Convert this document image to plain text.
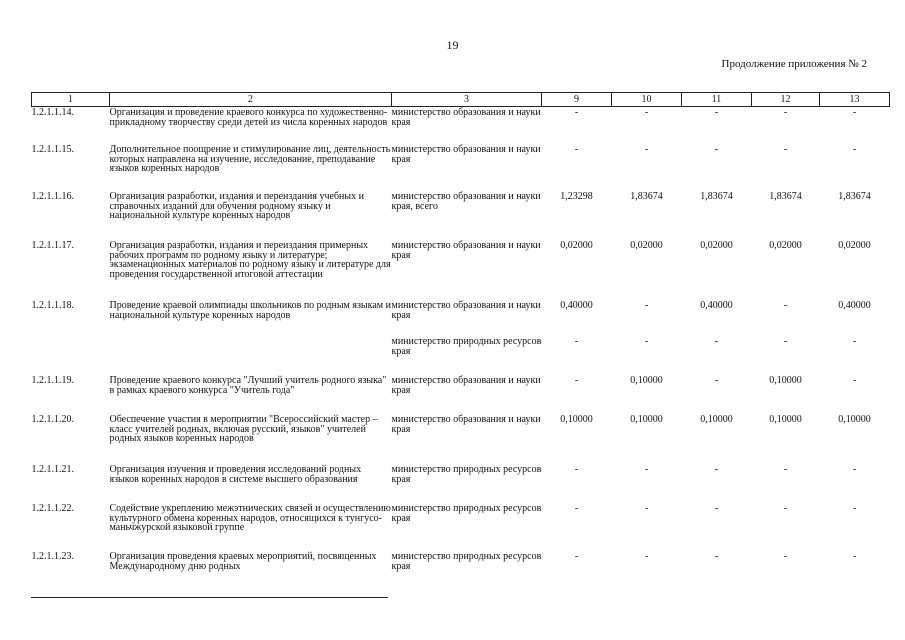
19
Продолжение приложения № 2
1	2	3	9	10	11	12	13
1.2.1.1.14.	Организация и проведение краевого конкурса по художественно-прикладному творчеству среди детей из числа коренных народов	министерство образования и науки края	-	-	-	-	-
1.2.1.1.15.	Дополнительное поощрение и стимулирование лиц, деятельность которых направлена на изучение, исследование, преподавание языков коренных народов	министерство образования и науки края	-	-	-	-	-
1.2.1.1.16.	Организация разработки, издания и переиздания учебных и справочных изданий для обучения родному языку и национальной культуре коренных народов	министерство образования и науки края, всего	1,23298	1,83674	1,83674	1,83674	1,83674
1.2.1.1.17.	Организация разработки, издания и переиздания примерных рабочих программ по родному языку и литературе; экзаменационных материалов по родному языку и литературе для проведения государственной итоговой аттестации	министерство образования и науки края	0,02000	0,02000	0,02000	0,02000	0,02000
1.2.1.1.18.	Проведение краевой олимпиады школьников по родным языкам и национальной культуре коренных народов	министерство образования и науки края	0,40000	-	0,40000	-	0,40000
		министерство природных ресурсов края	-	-	-	-	-
1.2.1.1.19.	Проведение краевого конкурса "Лучший учитель родного языка" в рамках краевого конкурса "Учитель года"	министерство образования и науки края	-	0,10000	-	0,10000	-
1.2.1.1.20.	Обеспечение участия в мероприятии "Всероссийский мастер – класс учителей родных, включая русский, языков" учителей родных языков коренных народов	министерство образования и науки края	0,10000	0,10000	0,10000	0,10000	0,10000
1.2.1.1.21.	Организация изучения и проведения исследований родных языков коренных народов в системе высшего образования	министерство природных ресурсов края	-	-	-	-	-
1.2.1.1.22.	Содействие укреплению межэтнических связей и осуществлению культурного обмена коренных народов, относящихся к тунгусо-маньчжурской языковой группе	министерство природных ресурсов края	-	-	-	-	-
1.2.1.1.23.	Организация проведения краевых мероприятий, посвященных Международному дню родных	министерство природных ресурсов края	-	-	-	-	-
